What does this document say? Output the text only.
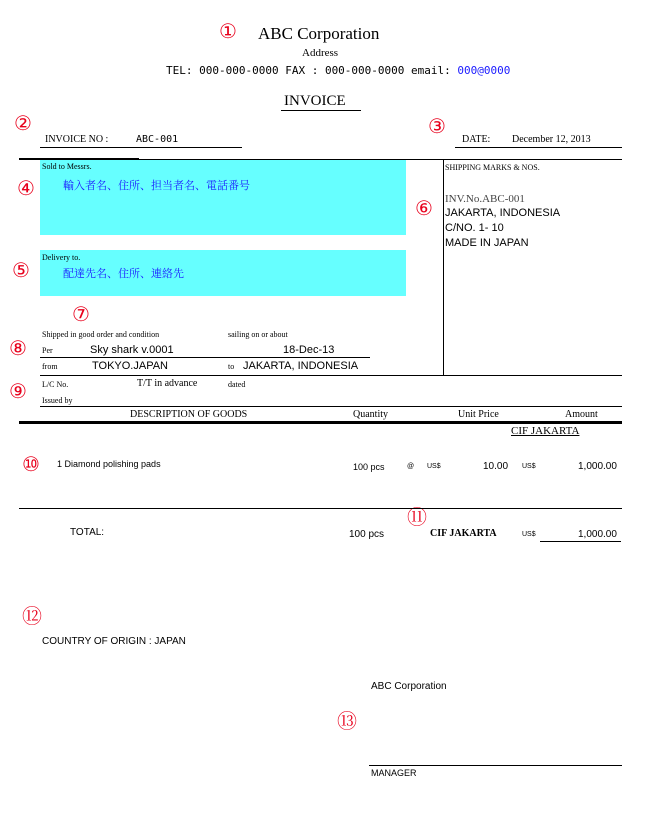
①
②	③
④
⑤
⑥
⑦
⑧
⑨
⑩
⑪
⑫
⑬
ABC Corporation
Address
TEL: 000-000-0000 FAX : 000-000-0000 email: 000@0000
INVOICE
INVOICE NO :	ABC-001	DATE: December 12, 2013
Sold to Messrs.
輸入者名、住所、担当者名、電話番号
Delivery to.
配達先名、住所、連絡先
SHIPPING MARKS & NOS.
INV.No.ABC-001
JAKARTA, INDONESIA
C/NO. 1- 10
MADE IN JAPAN
Shipped in good order and condition	sailing on or about
Per	Sky shark v.0001	18-Dec-13
from	TOKYO.JAPAN	to JAKARTA, INDONESIA
L/C No.	T/T in advance	dated
Issued by
DESCRIPTION OF GOODS	Quantity	Unit Price	Amount
CIF JAKARTA
1 Diamond polishing pads	100 pcs	@ US$	10.00 US$	1,000.00
TOTAL:	100 pcs	CIF JAKARTA	US$	1,000.00
COUNTRY OF ORIGIN : JAPAN
ABC Corporation
MANAGER
